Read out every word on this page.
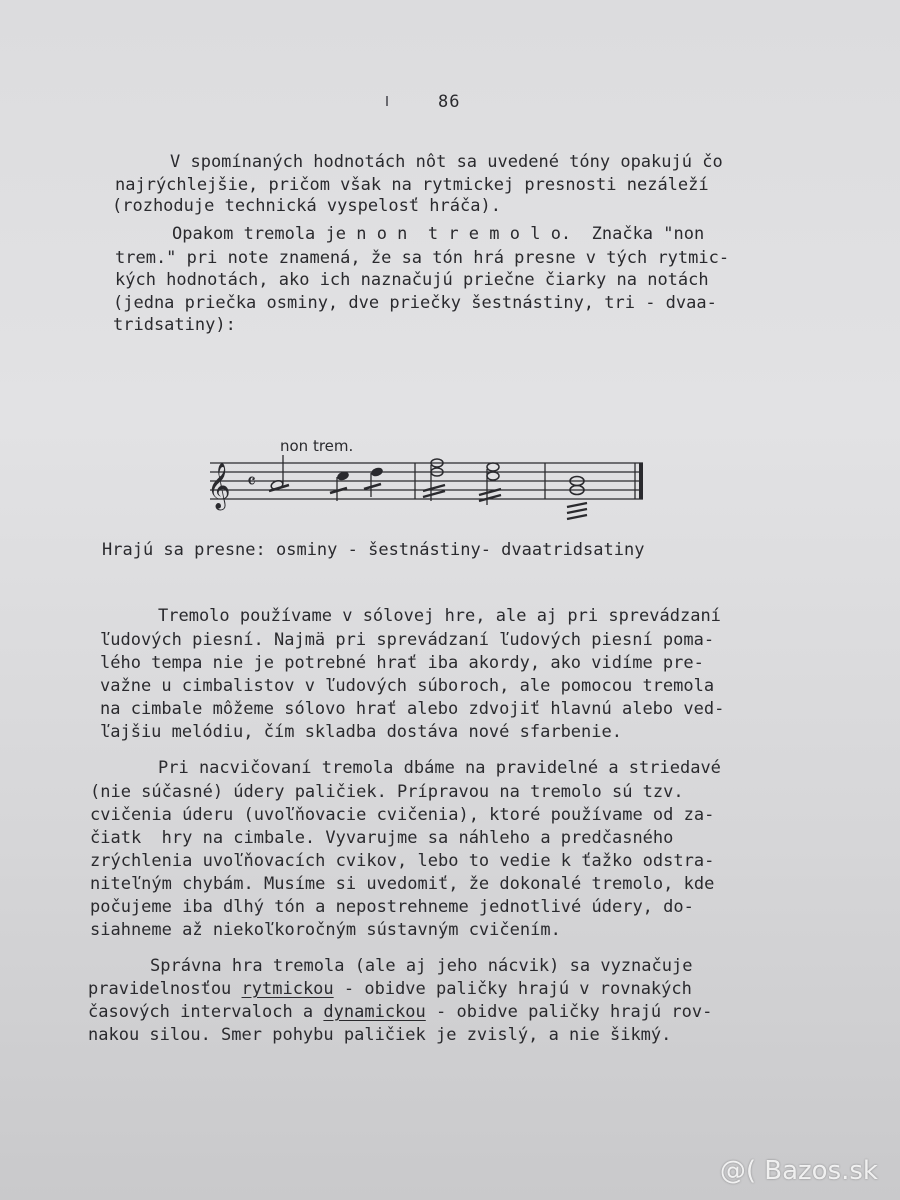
86
V spomínaných hodnotách nôt sa uvedené tóny opakujú čo
najrýchlejšie, pričom však na rytmickej presnosti nezáleží
(rozhoduje technická vyspelosť hráča).
Opakom tremola je n o n  t r e m o l o.  Značka "non
trem." pri note znamená, že sa tón hrá presne v tých rytmic-
kých hodnotách, ako ich naznačujú priečne čiarky na notách
(jedna priečka osminy, dve priečky šestnástiny, tri - dvaa-
tridsatiny):
non trem.
𝄞 𝄴
Hrajú sa presne: osminy - šestnástiny- dvaatridsatiny
Tremolo používame v sólovej hre, ale aj pri sprevádzaní
ľudových piesní. Najmä pri sprevádzaní ľudových piesní poma-
lého tempa nie je potrebné hrať iba akordy, ako vidíme pre-
važne u cimbalistov v ľudových súboroch, ale pomocou tremola
na cimbale môžeme sólovo hrať alebo zdvojiť hlavnú alebo ved-
ľajšiu melódiu, čím skladba dostáva nové sfarbenie.
Pri nacvičovaní tremola dbáme na pravidelné a striedavé
(nie súčasné) údery paličiek. Prípravou na tremolo sú tzv.
cvičenia úderu (uvoľňovacie cvičenia), ktoré používame od za-
čiatk  hry na cimbale. Vyvarujme sa náhleho a predčasného
zrýchlenia uvoľňovacích cvikov, lebo to vedie k ťažko odstra-
niteľným chybám. Musíme si uvedomiť, že dokonalé tremolo, kde
počujeme iba dlhý tón a nepostrehneme jednotlivé údery, do-
siahneme až niekoľkoročným sústavným cvičením.
Správna hra tremola (ale aj jeho nácvik) sa vyznačuje
pravidelnosťou rytmickou - obidve paličky hrajú v rovnakých
časových intervaloch a dynamickou - obidve paličky hrajú rov-
nakou silou. Smer pohybu paličiek je zvislý, a nie šikmý.
@( Bazos.sk
